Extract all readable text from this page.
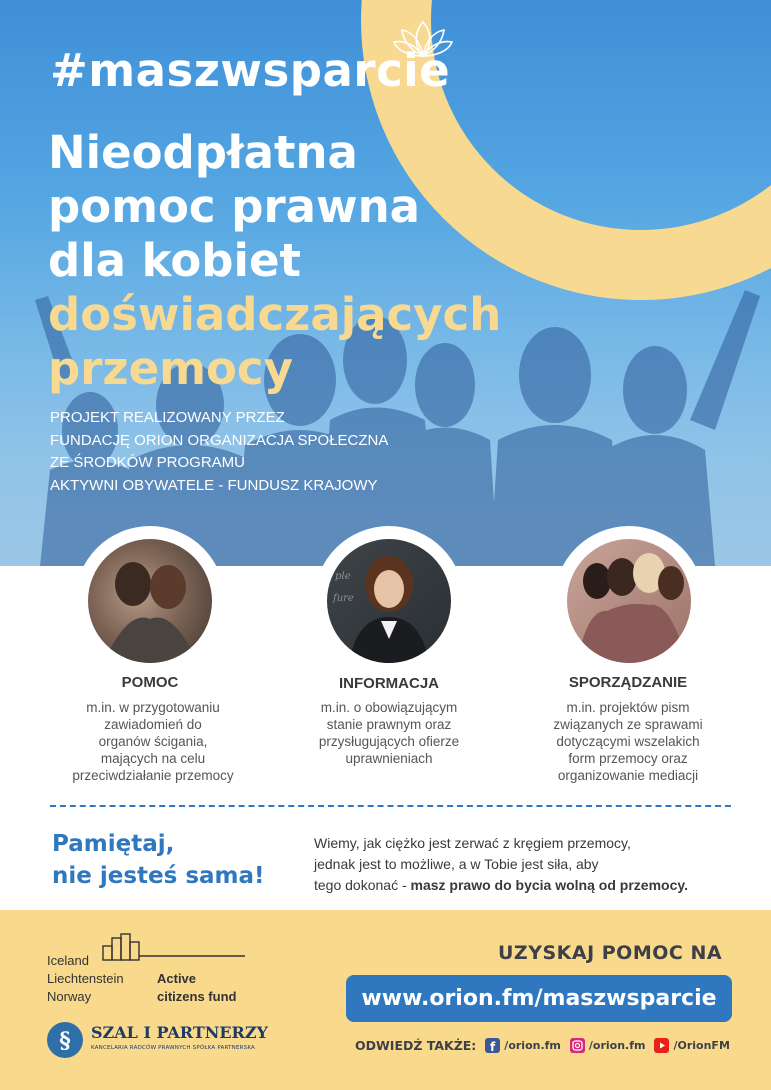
#maszwsparcie
Nieodpłatna
pomoc prawna
dla kobiet
doświadczających
przemocy
PROJEKT REALIZOWANY PRZEZ
FUNDACJĘ ORION ORGANIZACJA SPOŁECZNA
ZE ŚRODKÓW PROGRAMU
AKTYWNI OBYWATELE - FUNDUSZ KRAJOWY
ple
fure
POMOC
m.in. w przygotowaniu
zawiadomień do
organów ścigania,
mających na celu
przeciwdziałanie przemocy
INFORMACJA
m.in. o obowiązującym
stanie prawnym oraz
przysługujących ofierze
uprawnieniach
SPORZĄDZANIE
m.in. projektów pism
związanych ze sprawami
dotyczącymi wszelakich
form przemocy oraz
organizowanie mediacji
Pamiętaj,
nie jesteś sama!
Wiemy, jak ciężko jest zerwać z kręgiem przemocy,
jednak jest to możliwe, a w Tobie jest siła, aby
tego dokonać - masz prawo do bycia wolną od przemocy.
Iceland
Liechtenstein
Norway
Active
citizens fund
§ SZAL I PARTNERZY
KANCELARIA RADCÓW PRAWNYCH SPÓŁKA PARTNERSKA
UZYSKAJ POMOC NA
www.orion.fm/maszwsparcie
ODWIEDŹ TAKŻE: f /orion.fm	/orion.fm	/OrionFM
